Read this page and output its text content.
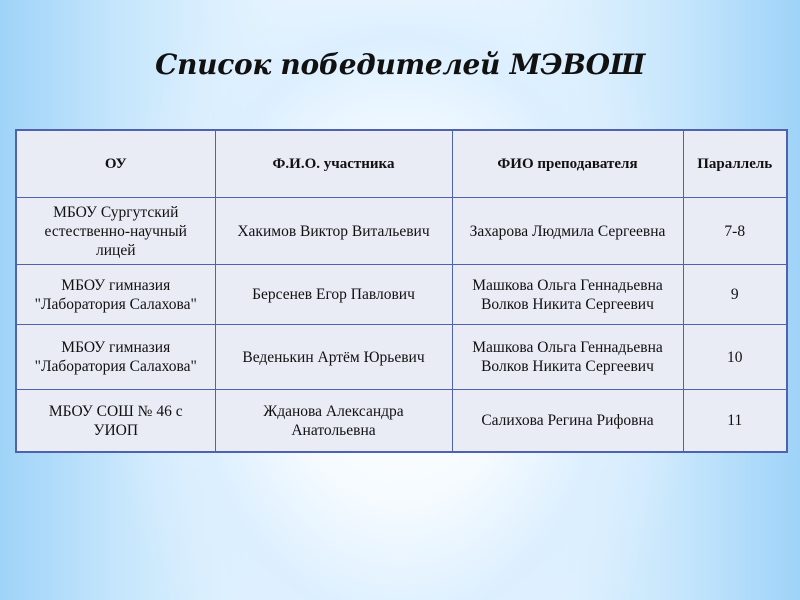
Список победителей МЭВОШ
ОУ	Ф.И.О. участника	ФИО преподавателя	Параллель

МБОУ Сургутский
естественно-научный
лицей	Хакимов Виктор Витальевич	Захарова Людмила Сергеевна	7-8

МБОУ гимназия
"Лаборатория Салахова"	Берсенев Егор Павлович	Машкова Ольга Геннадьевна
Волков Никита Сергеевич	9

МБОУ гимназия
"Лаборатория Салахова"	Веденькин Артём Юрьевич	Машкова Ольга Геннадьевна
Волков Никита Сергеевич	10

МБОУ СОШ № 46 с
УИОП	Жданова Александра
Анатольевна	Салихова Регина Рифовна	11
